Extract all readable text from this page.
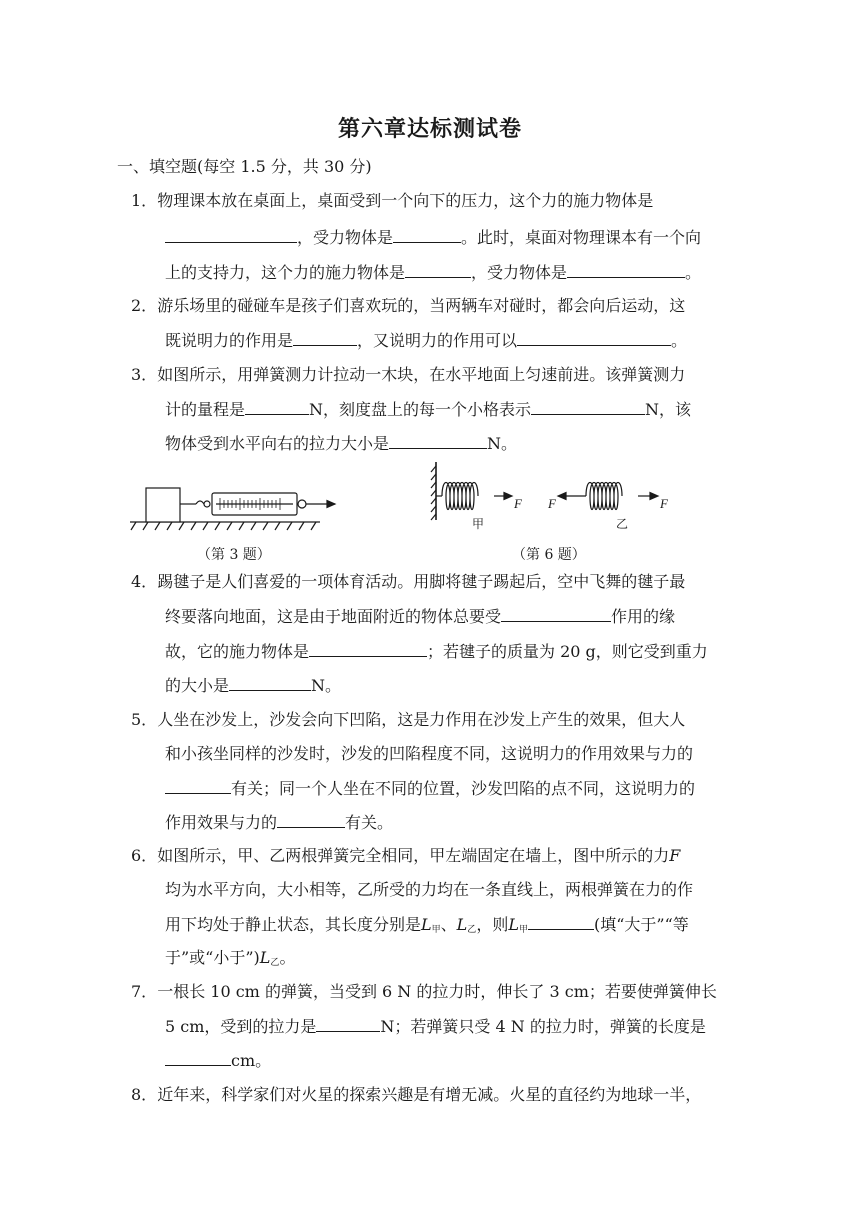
第六章达标测试卷
一、填空题(每空 1.5 分，共 30 分)
1．物理课本放在桌面上，桌面受到一个向下的压力，这个力的施力物体是
，受力物体是	。此时，桌面对物理课本有一个向
上的支持力，这个力的施力物体是	，受力物体是	。
2．游乐场里的碰碰车是孩子们喜欢玩的，当两辆车对碰时，都会向后运动，这
既说明力的作用是	，又说明力的作用可以	。
3．如图所示，用弹簧测力计拉动一木块，在水平地面上匀速前进。该弹簧测力
计的量程是	N，刻度盘上的每一个小格表示	N，该
物体受到水平向右的拉力大小是	N。
F F	F
甲	乙
（第 3 题）	（第 6 题）
4．踢毽子是人们喜爱的一项体育活动。用脚将毽子踢起后，空中飞舞的毽子最
终要落向地面，这是由于地面附近的物体总要受	作用的缘
故，它的施力物体是	；若毽子的质量为 20 g，则它受到重力
的大小是	N。
5．人坐在沙发上，沙发会向下凹陷，这是力作用在沙发上产生的效果，但大人
和小孩坐同样的沙发时，沙发的凹陷程度不同，这说明力的作用效果与力的
有关；同一个人坐在不同的位置，沙发凹陷的点不同，这说明力的
作用效果与力的	有关。
6．如图所示，甲、乙两根弹簧完全相同，甲左端固定在墙上，图中所示的力F
均为水平方向，大小相等，乙所受的力均在一条直线上，两根弹簧在力的作
用下均处于静止状态，其长度分别是$L_甲$、$L_乙$，则$L_甲$	(填“大于”“等
于”或“小于$”)L_乙$。
7．一根长 10 cm 的弹簧，当受到 6 N 的拉力时，伸长了 3 cm；若要使弹簧伸长
5 cm，受到的拉力是	N；若弹簧只受 4 N 的拉力时，弹簧的长度是
cm。
8．近年来，科学家们对火星的探索兴趣是有增无减。火星的直径约为地球一半，
